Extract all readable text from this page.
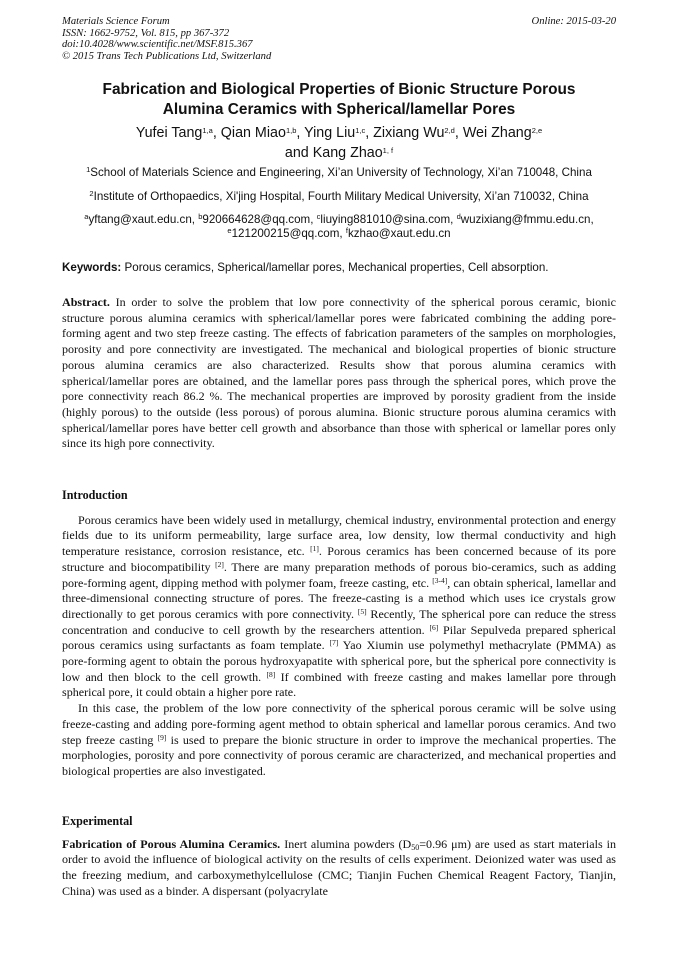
Materials Science Forum
ISSN: 1662-9752, Vol. 815, pp 367-372
doi:10.4028/www.scientific.net/MSF.815.367
© 2015 Trans Tech Publications Ltd, Switzerland
Online: 2015-03-20
Fabrication and Biological Properties of Bionic Structure Porous
Alumina Ceramics with Spherical/lamellar Pores
Yufei Tang$^{1,a}$, Qian Miao$^{1,b}$, Ying Liu$^{1,c}$, Zixiang Wu$^{2,d}$, Wei Zhang$^{2,e}$
and Kang Zhao$^{1, f}$
$^1$School of Materials Science and Engineering, Xi’an University of Technology, Xi’an 710048, China
$^2$Institute of Orthopaedics, Xi'jing Hospital, Fourth Military Medical University, Xi’an 710032, China
$^a$yftang@xaut.edu.cn, $^b$920664628@qq.com, $^c$liuying881010@sina.com, $^d$wuzixiang@fmmu.edu.cn,
$^e$121200215@qq.com, $^f$kzhao@xaut.edu.cn
Keywords: Porous ceramics, Spherical/lamellar pores, Mechanical properties, Cell absorption.

Abstract. In order to solve the problem that low pore connectivity of the spherical porous ceramic, bionic structure porous alumina ceramics with spherical/lamellar pores were fabricated combining the adding pore-forming agent and two step freeze casting. The effects of fabrication parameters of the samples on morphologies, porosity and pore connectivity are investigated. The mechanical and biological properties of bionic structure porous alumina ceramics are also characterized. Results show that porous alumina ceramics with spherical/lamellar pores are obtained, and the lamellar pores pass through the spherical pores, which prove the pore connectivity reach 86.2 %. The mechanical properties are improved by porosity gradient from the inside (highly porous) to the outside (less porous) of porous alumina. Bionic structure porous alumina ceramics with spherical/lamellar pores have better cell growth and absorbance than those with spherical or lamellar pores only since its high pore connectivity.

Introduction

Porous ceramics have been widely used in metallurgy, chemical industry, environmental protection and energy fields due to its uniform permeability, large surface area, low density, low thermal conductivity and high temperature resistance, corrosion resistance, etc. [1]. Porous ceramics has been concerned because of its pore structure and biocompatibility [2]. There are many preparation methods of porous bio-ceramics, such as adding pore-forming agent, dipping method with polymer foam, freeze casting, etc. [3-4], can obtain spherical, lamellar and three-dimensional connecting structure of pores. The freeze-casting is a method which uses ice crystals grow directionally to get porous ceramics with pore connectivity. [5] Recently, The spherical pore can reduce the stress concentration and conducive to cell growth by the researchers attention. [6] Pilar Sepulveda prepared spherical porous ceramics using surfactants as foam template. [7] Yao Xiumin use polymethyl methacrylate (PMMA) as pore-forming agent to obtain the porous hydroxyapatite with spherical pore, but the spherical pore connectivity is low and then block to the cell growth. [8] If combined with freeze casting and makes lamellar pore through spherical pore, it could obtain a higher pore rate.

In this case, the problem of the low pore connectivity of the spherical porous ceramic will be solve using freeze-casting and adding pore-forming agent method to obtain spherical and lamellar porous ceramics. And two step freeze casting [9] is used to prepare the bionic structure in order to improve the mechanical properties. The morphologies, porosity and pore connectivity of porous ceramic are characterized, and mechanical properties and biological properties are also investigated.

Experimental

Fabrication of Porous Alumina Ceramics. Inert alumina powders ($D_{50}=0.96$ μm) are used as start materials in order to avoid the influence of biological activity on the results of cells experiment. Deionized water was used as the freezing medium, and carboxymethylcellulose (CMC; Tianjin Fuchen Chemical Reagent Factory, Tianjin, China) was used as a binder. A dispersant (polyacrylate
